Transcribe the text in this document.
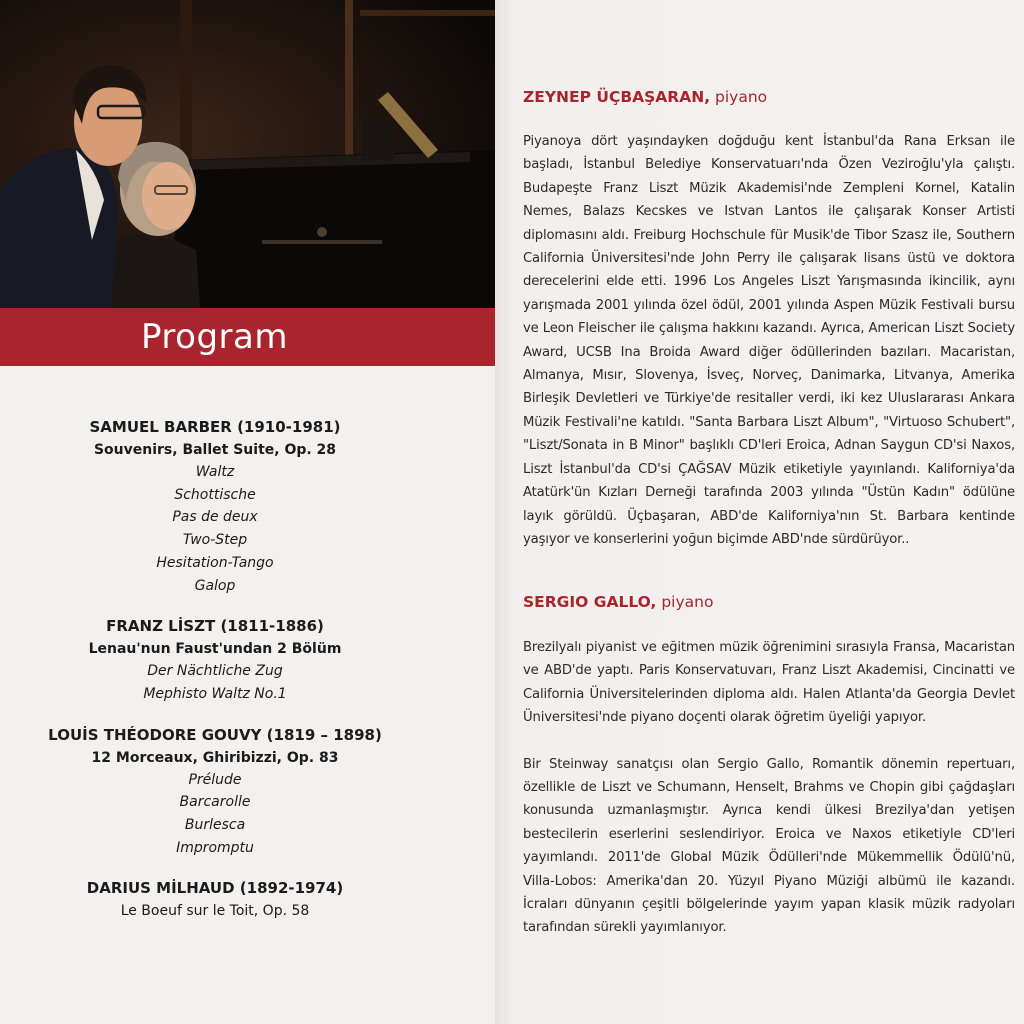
Program
SAMUEL BARBER (1910-1981)
Souvenirs, Ballet Suite, Op. 28
Waltz
Schottische
Pas de deux
Two-Step
Hesitation-Tango
Galop
FRANZ LİSZT (1811-1886)
Lenau'nun Faust'undan 2 Bölüm
Der Nächtliche Zug
Mephisto Waltz No.1
LOUİS THÉODORE GOUVY (1819 – 1898)
12 Morceaux, Ghiribizzi, Op. 83
Prélude
Barcarolle
Burlesca
Impromptu
DARIUS MİLHAUD (1892-1974)
Le Boeuf sur le Toit, Op. 58
ZEYNEP ÜÇBAŞARAN, piyano

Piyanoya dört yaşındayken doğduğu kent İstanbul'da Rana Erksan ile başladı, İstanbul Belediye Konservatuarı'nda Özen Veziroğlu'yla çalıştı. Budapeşte Franz Liszt Müzik Akademisi'nde Zempleni Kornel, Katalin Nemes, Balazs Kecskes ve Istvan Lantos ile çalışarak Konser Artisti diplomasını aldı. Freiburg Hochschule für Musik'de Tibor Szasz ile, Southern California Üniversitesi'nde John Perry ile çalışarak lisans üstü ve doktora derecelerini elde etti. 1996 Los Angeles Liszt Yarışmasında ikincilik, aynı yarışmada 2001 yılında özel ödül, 2001 yılında Aspen Müzik Festivali bursu ve Leon Fleischer ile çalışma hakkını kazandı. Ayrıca, American Liszt Society Award, UCSB Ina Broida Award diğer ödüllerinden bazıları. Macaristan, Almanya, Mısır, Slovenya, İsveç, Norveç, Danimarka, Litvanya, Amerika Birleşik Devletleri ve Türkiye'de resitaller verdi, iki kez Uluslararası Ankara Müzik Festivali'ne katıldı. "Santa Barbara Liszt Album", "Virtuoso Schubert", "Liszt/Sonata in B Minor" başlıklı CD'leri Eroica, Adnan Saygun CD'si Naxos, Liszt İstanbul'da CD'si ÇAĞSAV Müzik etiketiyle yayınlandı. Kaliforniya'da Atatürk'ün Kızları Derneği tarafında 2003 yılında "Üstün Kadın" ödülüne layık görüldü. Üçbaşaran, ABD'de Kaliforniya'nın St. Barbara kentinde yaşıyor ve konserlerini yoğun biçimde ABD'nde sürdürüyor..

SERGIO GALLO, piyano

Brezilyalı piyanist ve eğitmen müzik öğrenimini sırasıyla Fransa, Macaristan ve ABD'de yaptı. Paris Konservatuvarı, Franz Liszt Akademisi, Cincinatti ve California Üniversitelerinden diploma aldı. Halen Atlanta'da Georgia Devlet Üniversitesi'nde piyano doçenti olarak öğretim üyeliği yapıyor.

Bir Steinway sanatçısı olan Sergio Gallo, Romantik dönemin repertuarı, özellikle de Liszt ve Schumann, Henselt, Brahms ve Chopin gibi çağdaşları konusunda uzmanlaşmıştır. Ayrıca kendi ülkesi Brezilya'dan yetişen bestecilerin eserlerini seslendiriyor. Eroica ve Naxos etiketiyle CD'leri yayımlandı. 2011'de Global Müzik Ödülleri'nde Mükemmellik Ödülü'nü, Villa-Lobos: Amerika'dan 20. Yüzyıl Piyano Müziği albümü ile kazandı. İcraları dünyanın çeşitli bölgelerinde yayım yapan klasik müzik radyoları tarafından sürekli yayımlanıyor.
